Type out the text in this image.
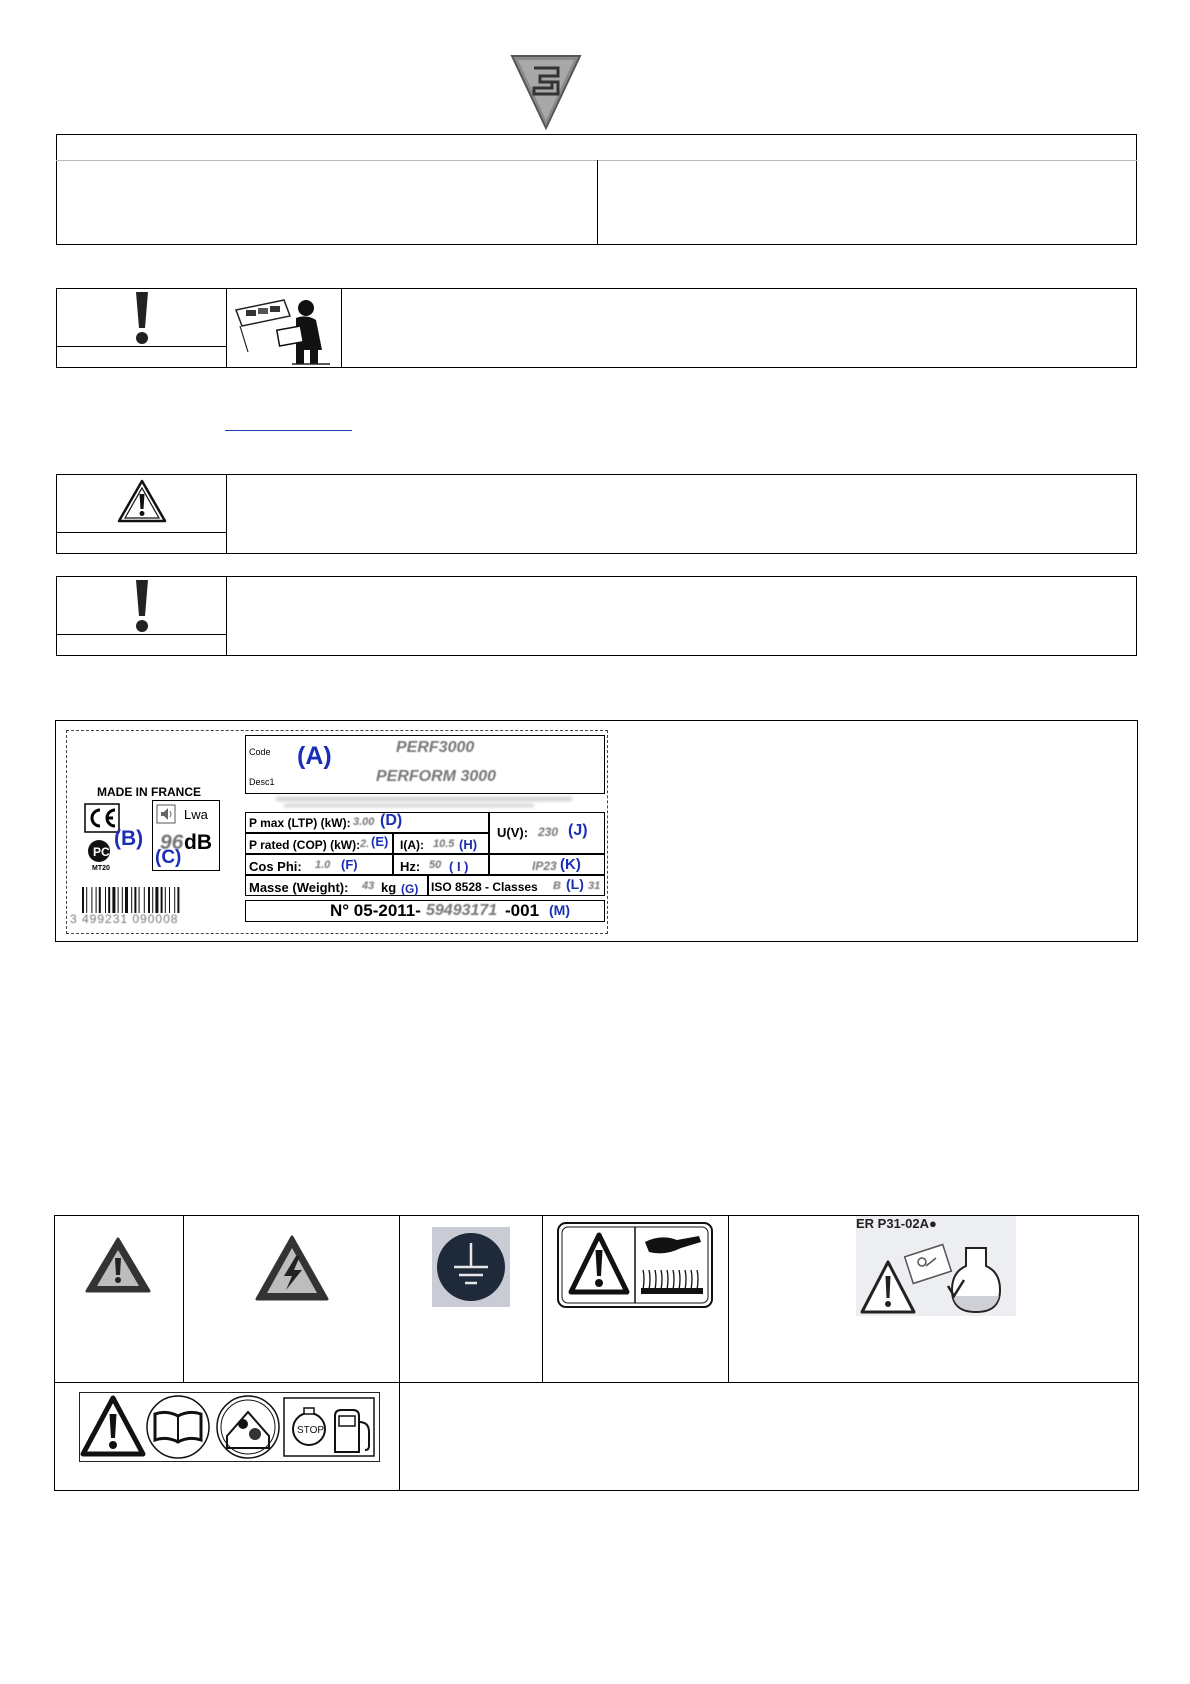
Code
Desc1
(A)	PERF3000
PERFORM 3000
MADE IN FRANCE
PC
(B)
MT20
Lwa
96 dB
(C)
3 499231 090008
P max (LTP) (kW): 3.00 (D)
U(V): 230 (J)
P rated (COP) (kW): 2. (E) I(A): 10.5 (H)
Cos Phi: 1.0 (F)	Hz: 50 ( I )	IP23 (K)
Masse (Weight): 43 kg (G) ISO 8528 - Classes B (L) 31
N° 05-2011- 59493171 -001 (M)
ER P31-02A●
STOP
